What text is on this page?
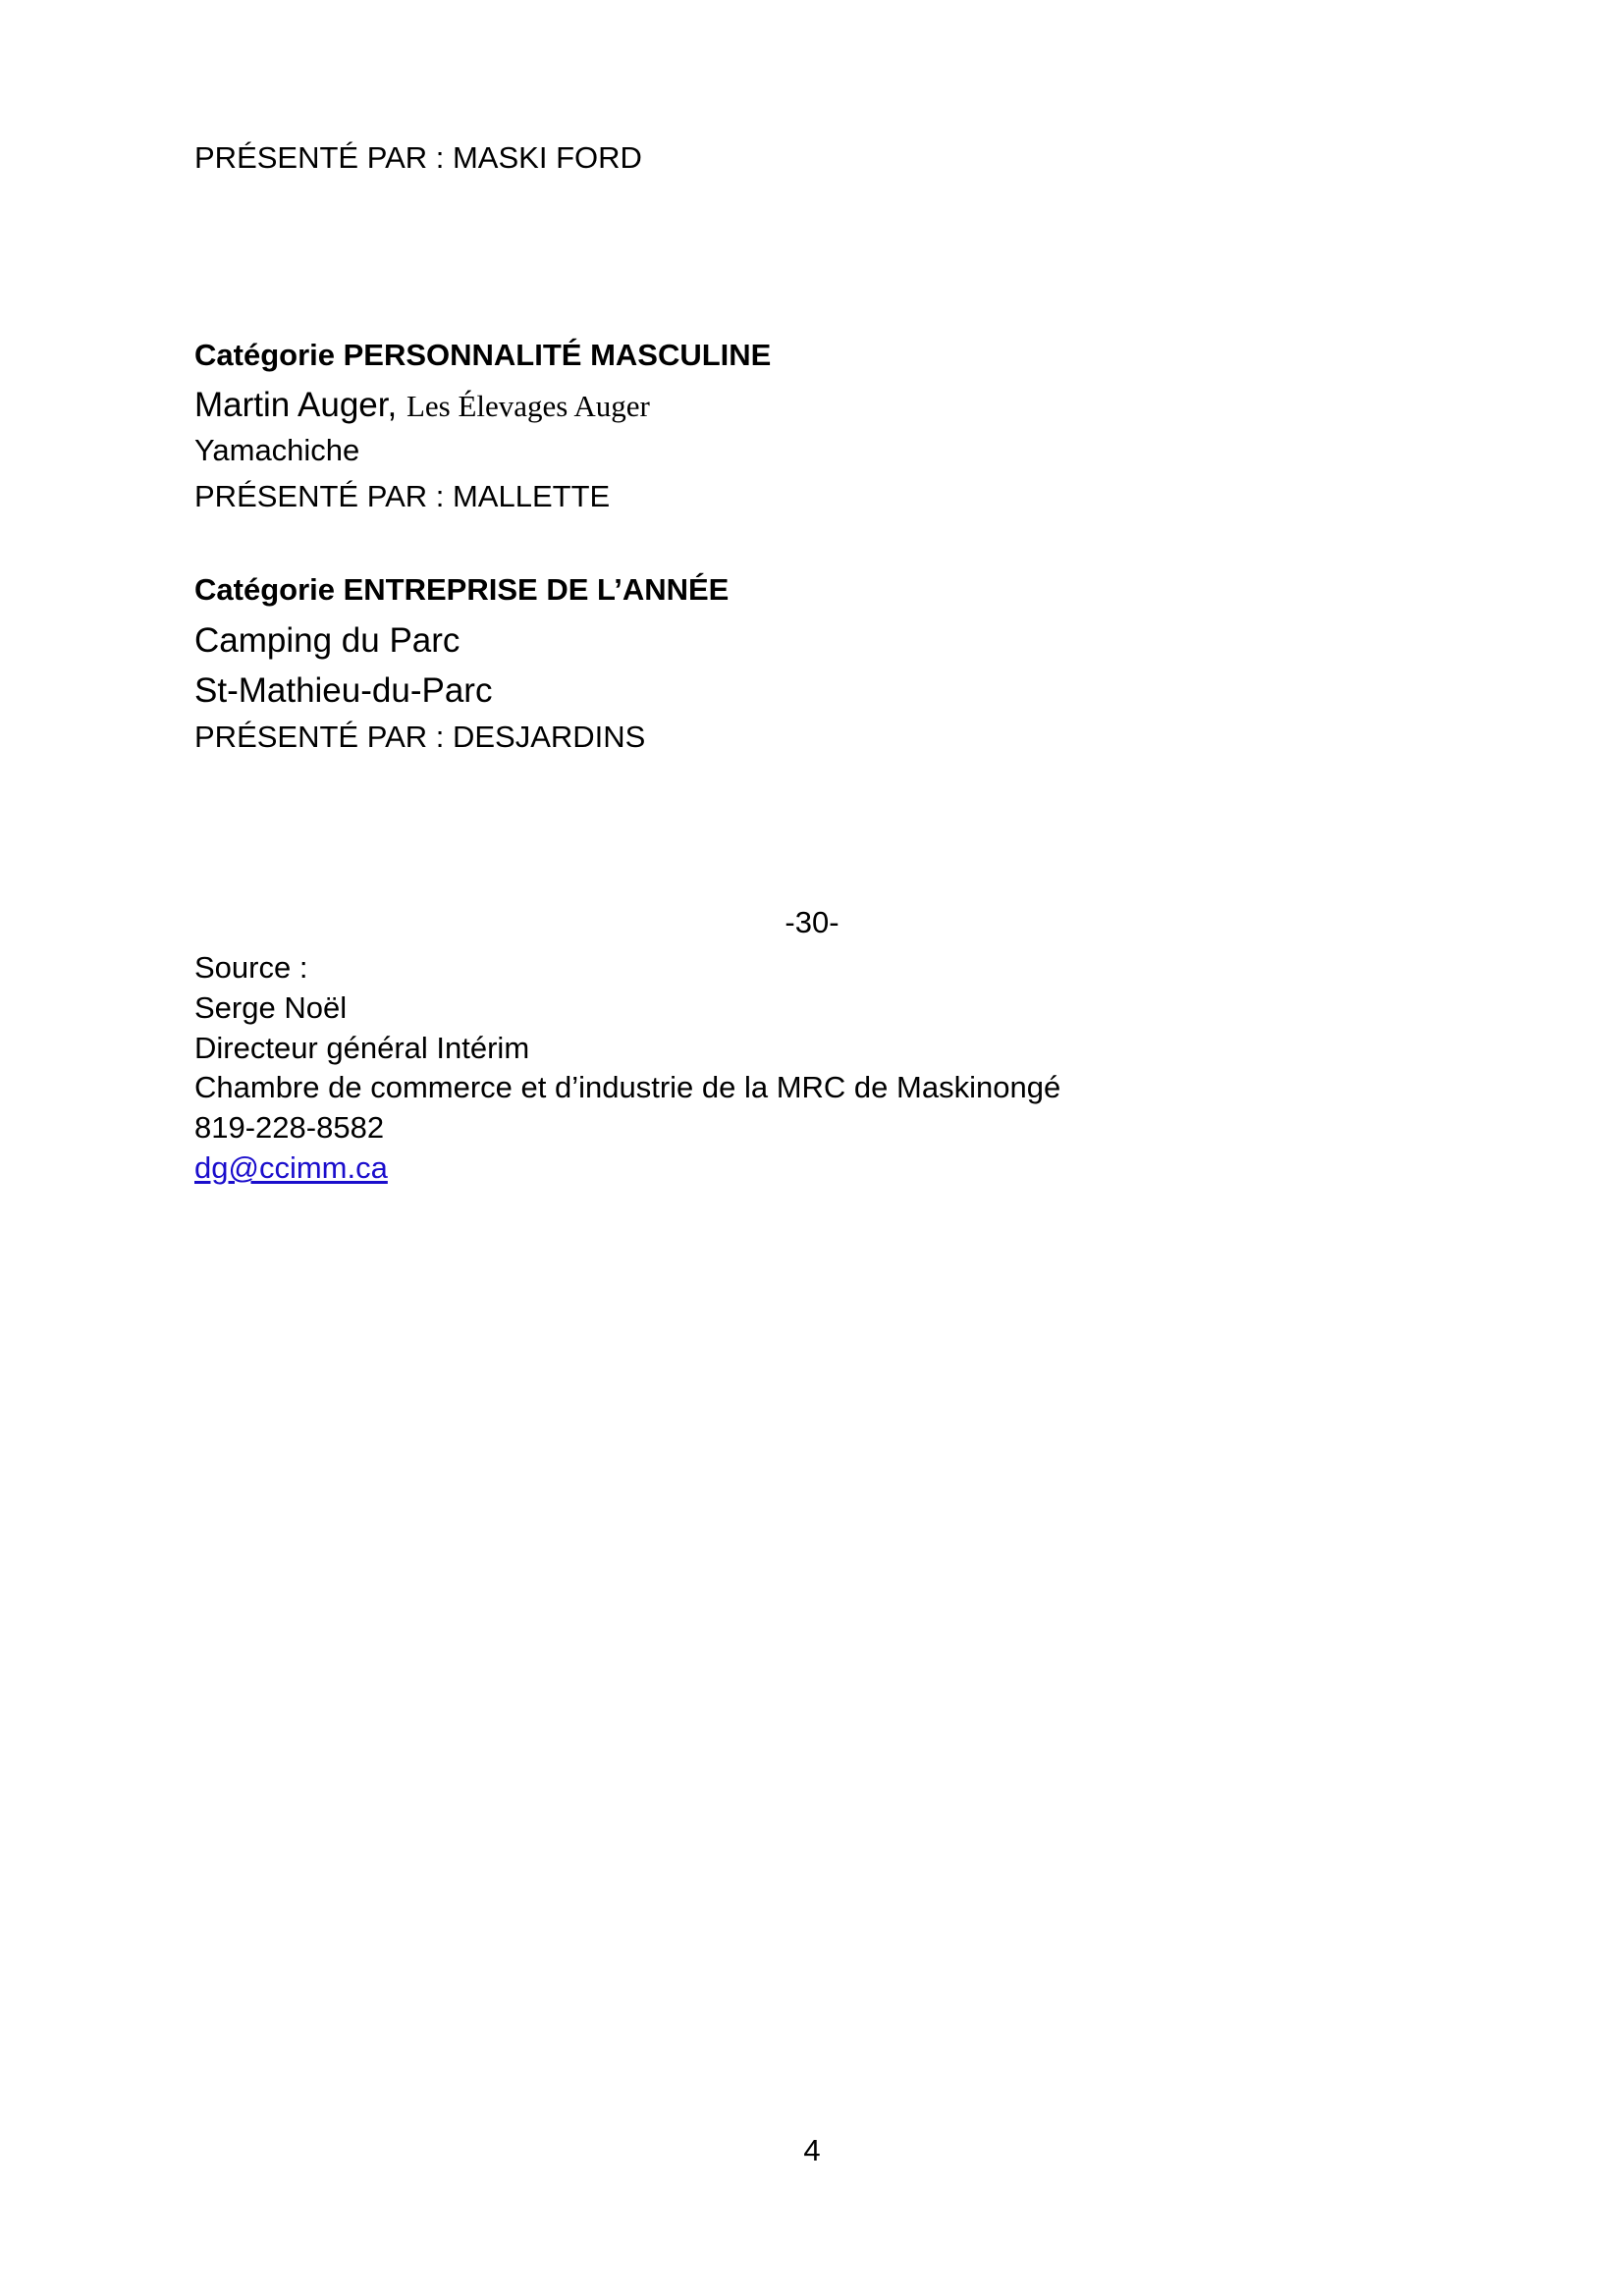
PRÉSENTÉ PAR : MASKI FORD
Catégorie PERSONNALITÉ MASCULINE
Martin Auger, Les Élevages Auger
Yamachiche
PRÉSENTÉ PAR : MALLETTE
Catégorie ENTREPRISE DE L’ANNÉE
Camping du Parc
St-Mathieu-du-Parc
PRÉSENTÉ PAR : DESJARDINS
-30-
Source :
Serge Noël
Directeur général Intérim
Chambre de commerce et d’industrie de la MRC de Maskinongé
819-228-8582
dg@ccimm.ca
4
